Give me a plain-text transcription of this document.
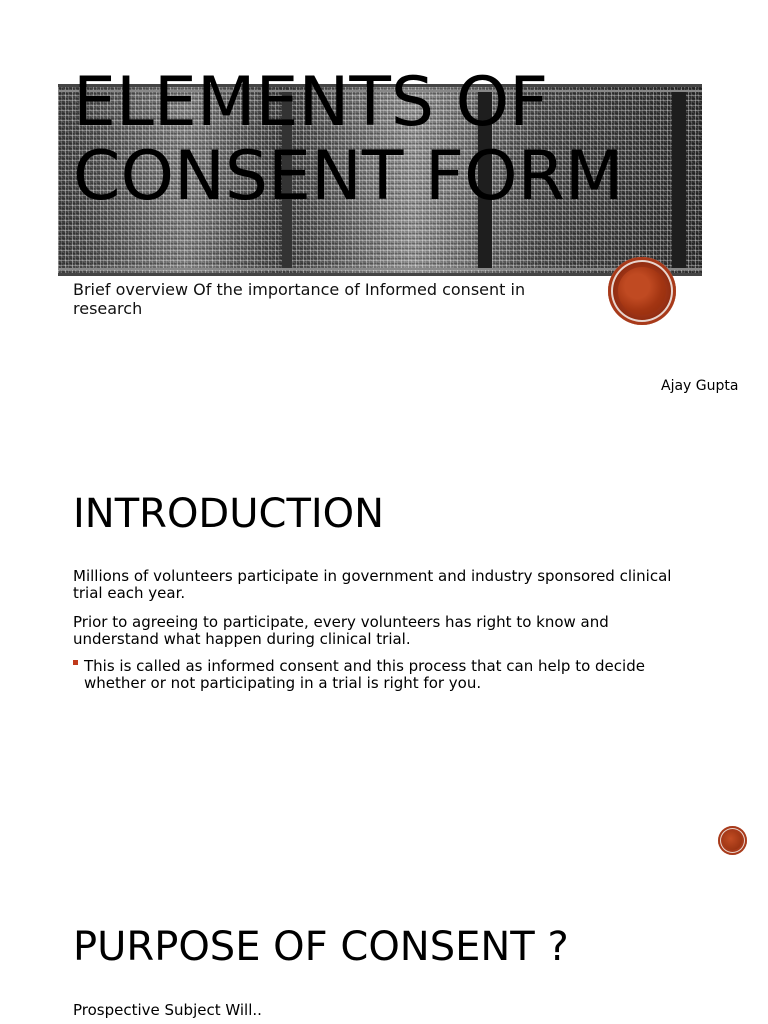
ELEMENTS OF CONSENT FORM
Brief overview Of the importance of Informed consent in research
Ajay Gupta
INTRODUCTION

Millions of volunteers participate in government and industry sponsored clinical trial each year.

Prior to agreeing to participate, every volunteers has right to know and understand what happen during clinical trial.

This is called as informed consent and this process that can help to decide whether or not participating in a trial is right for you.
PURPOSE OF CONSENT ?

Prospective Subject Will..
